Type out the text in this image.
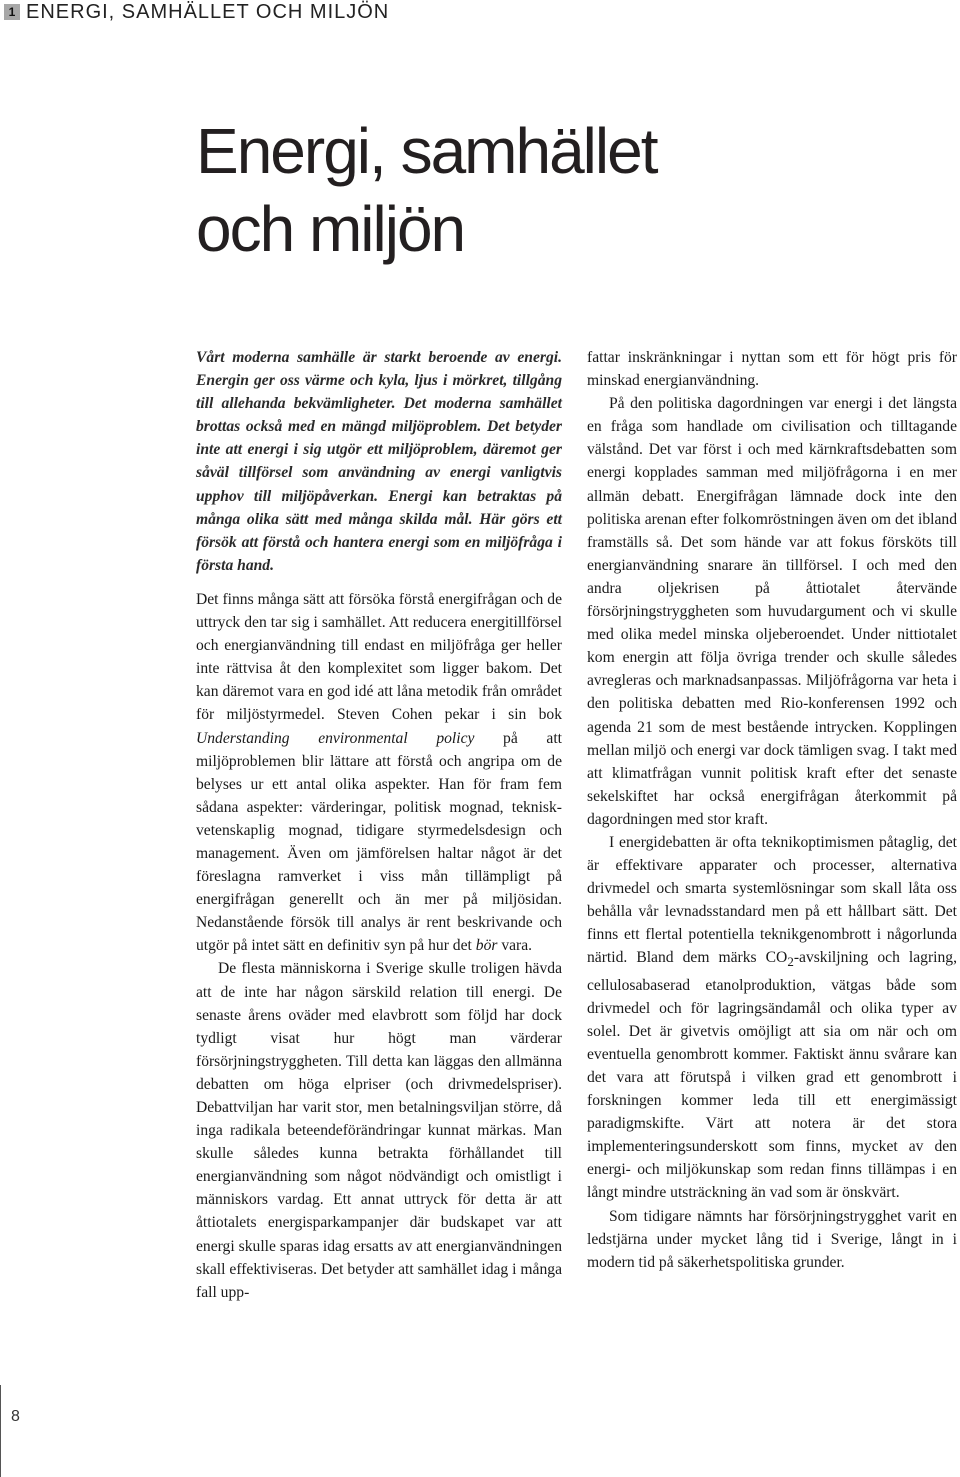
1 ENERGI, SAMHÄLLET OCH MILJÖN
Energi, samhället
och miljön

Vårt moderna samhälle är starkt beroende av energi. Energin ger oss värme och kyla, ljus i mörkret, tillgång till allehanda bekvämligheter. Det moderna samhället brottas också med en mängd miljöproblem. Det betyder inte att energi i sig utgör ett miljöproblem, däremot ger såväl tillförsel som användning av energi vanligtvis upphov till miljöpåverkan. Energi kan betraktas på många olika sätt med många skilda mål. Här görs ett försök att förstå och hantera energi som en miljöfråga i första hand.

Det finns många sätt att försöka förstå energifrågan och de uttryck den tar sig i samhället. Att reducera energitillförsel och energianvändning till endast en miljöfråga ger heller inte rättvisa åt den komplexitet som ligger bakom. Det kan däremot vara en god idé att låna metodik från området för miljöstyrmedel. Steven Cohen pekar i sin bok Understanding environmental policy på att miljöproblemen blir lättare att förstå och angripa om de belyses ur ett antal olika aspekter. Han för fram fem sådana aspekter: värderingar, politisk mognad, teknisk-vetenskaplig mognad, tidigare styrmedelsdesign och management. Även om jämförelsen haltar något är det föreslagna ramverket i viss mån tillämpligt på energifrågan generellt och än mer på miljösidan. Nedanstående försök till analys är rent beskrivande och utgör på intet sätt en definitiv syn på hur det bör vara.

De flesta människorna i Sverige skulle troligen hävda att de inte har någon särskild relation till energi. De senaste årens oväder med elavbrott som följd har dock tydligt visat hur högt man värderar försörjningstryggheten. Till detta kan läggas den allmänna debatten om höga elpriser (och drivmedelspriser). Debattviljan har varit stor, men betalningsviljan större, då inga radikala beteendeförändringar kunnat märkas. Man skulle således kunna betrakta förhållandet till energianvändning som något nödvändigt och omistligt i människors vardag. Ett annat uttryck för detta är att åttiotalets energisparkampanjer där budskapet var att energi skulle sparas idag ersatts av att energianvändningen skall effektiviseras. Det betyder att samhället idag i många fall upp-

fattar inskränkningar i nyttan som ett för högt pris för minskad energianvändning.

På den politiska dagordningen var energi i det längsta en fråga som handlade om civilisation och tilltagande välstånd. Det var först i och med kärnkraftsdebatten som energi kopplades samman med miljöfrågorna i en mer allmän debatt. Energifrågan lämnade dock inte den politiska arenan efter folkomröstningen även om det ibland framställs så. Det som hände var att fokus försköts till energianvändning snarare än tillförsel. I och med den andra oljekrisen på åttiotalet återvände försörjningstryggheten som huvudargument och vi skulle med olika medel minska oljeberoendet. Under nittiotalet kom energin att följa övriga trender och skulle således avregleras och marknadsanpassas. Miljöfrågorna var heta i den politiska debatten med Rio-konferensen 1992 och agenda 21 som de mest bestående intrycken. Kopplingen mellan miljö och energi var dock tämligen svag. I takt med att klimatfrågan vunnit politisk kraft efter det senaste sekelskiftet har också energifrågan återkommit på dagordningen med stor kraft.

I energidebatten är ofta teknikoptimismen påtaglig, det är effektivare apparater och processer, alternativa drivmedel och smarta systemlösningar som skall låta oss behålla vår levnadsstandard men på ett hållbart sätt. Det finns ett flertal potentiella teknikgenombrott i någorlunda närtid. Bland dem märks $CO_2$-avskiljning och lagring, cellulosabaserad etanolproduktion, vätgas både som drivmedel och för lagringsändamål och olika typer av solel. Det är givetvis omöjligt att sia om när och om eventuella genombrott kommer. Faktiskt ännu svårare kan det vara att förutspå i vilken grad ett genombrott i forskningen kommer leda till ett energimässigt paradigmskifte. Värt att notera är det stora implementeringsunderskott som finns, mycket av den energi- och miljökunskap som redan finns tillämpas i en långt mindre utsträckning än vad som är önskvärt.

Som tidigare nämnts har försörjningstrygghet varit en ledstjärna under mycket lång tid i Sverige, långt in i modern tid på säkerhetspolitiska grunder.

8
